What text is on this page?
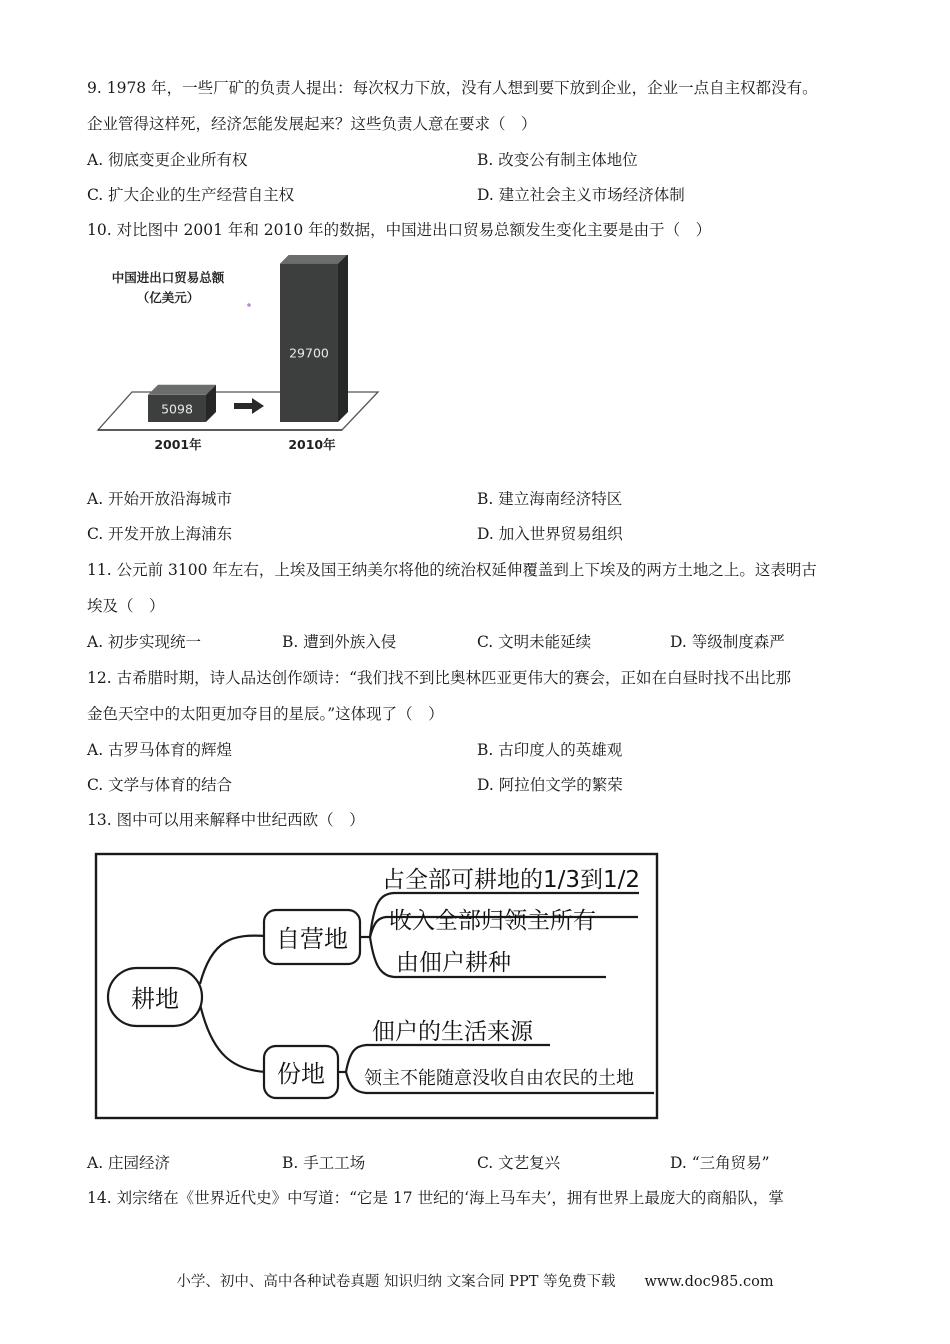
9. 1978 年，一些厂矿的负责人提出：每次权力下放，没有人想到要下放到企业，企业一点自主权都没有。
企业管得这样死，经济怎能发展起来？这些负责人意在要求（　）
A. 彻底变更企业所有权	B. 改变公有制主体地位
C. 扩大企业的生产经营自主权	D. 建立社会主义市场经济体制
10. 对比图中 2001 年和 2010 年的数据，中国进出口贸易总额发生变化主要是由于（　）
5098
29700
中国进出口贸易总额
（亿美元）
2001年	2010年
A. 开始开放沿海城市	B. 建立海南经济特区
C. 开发开放上海浦东	D. 加入世界贸易组织
11. 公元前 3100 年左右，上埃及国王纳美尔将他的统治权延伸覆盖到上下埃及的两方土地之上。这表明古
埃及（　）
A. 初步实现统一	B. 遭到外族入侵	C. 文明未能延续	D. 等级制度森严
12. 古希腊时期，诗人品达创作颂诗：“我们找不到比奥林匹亚更伟大的赛会，正如在白昼时找不出比那
金色天空中的太阳更加夺目的星辰。”这体现了（　）
A. 古罗马体育的辉煌	B. 古印度人的英雄观
C. 文学与体育的结合	D. 阿拉伯文学的繁荣
13. 图中可以用来解释中世纪西欧（　）
耕地
自营地
占全部可耕地的1/3到1/2
收入全部归领主所有
由佃户耕种
份地
佃户的生活来源
领主不能随意没收自由农民的土地
A. 庄园经济	B. 手工工场	C. 文艺复兴	D. “三角贸易”
14. 刘宗绪在《世界近代史》中写道：“它是 17 世纪的‘海上马车夫’，拥有世界上最庞大的商船队，掌
小学、初中、高中各种试卷真题 知识归纳 文案合同 PPT 等免费下载　　www.doc985.com
